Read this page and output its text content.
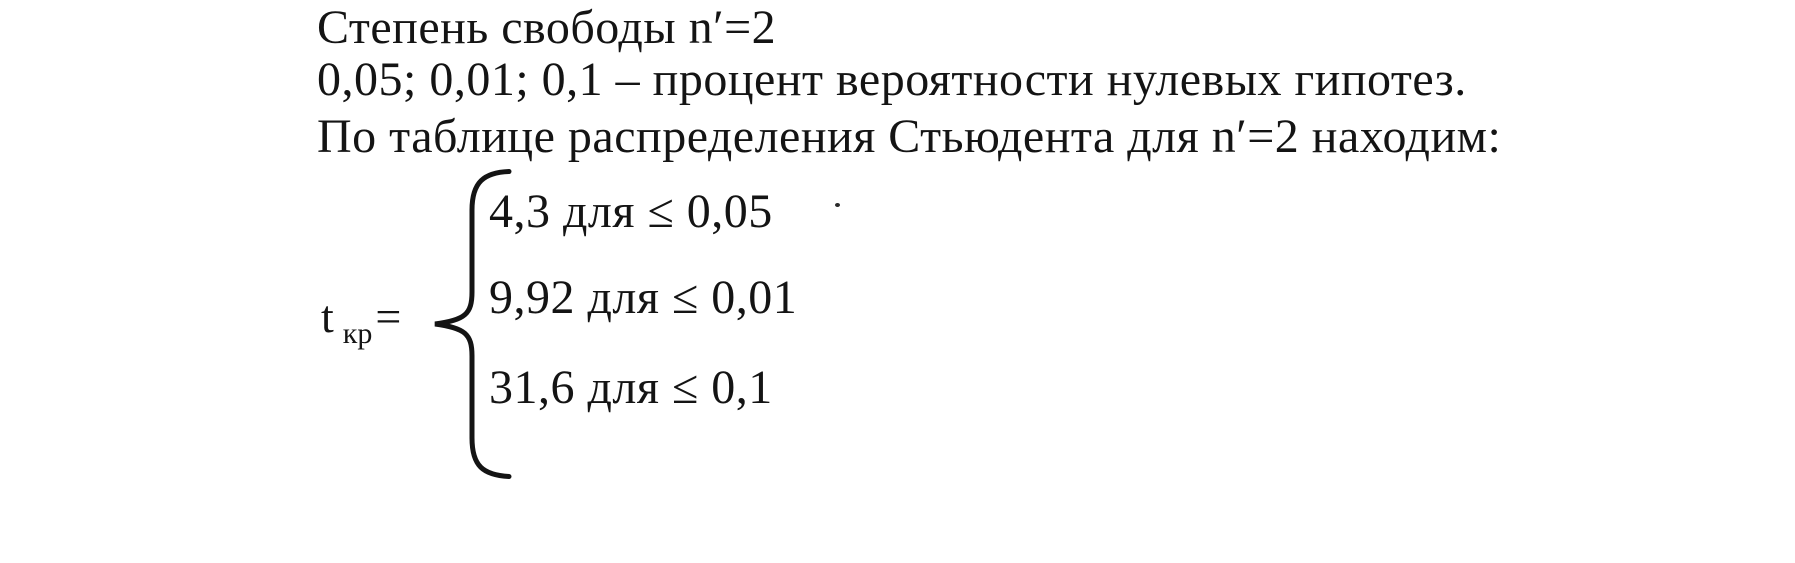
Степень свободы n′=2

0,05; 0,01; 0,1 – процент вероятности нулевых гипотез.

По таблице распределения Стьюдента для n′=2 находим:

t $_{кр}$=

4,3 для ≤ 0,05

9,92 для ≤ 0,01

31,6 для ≤ 0,1
